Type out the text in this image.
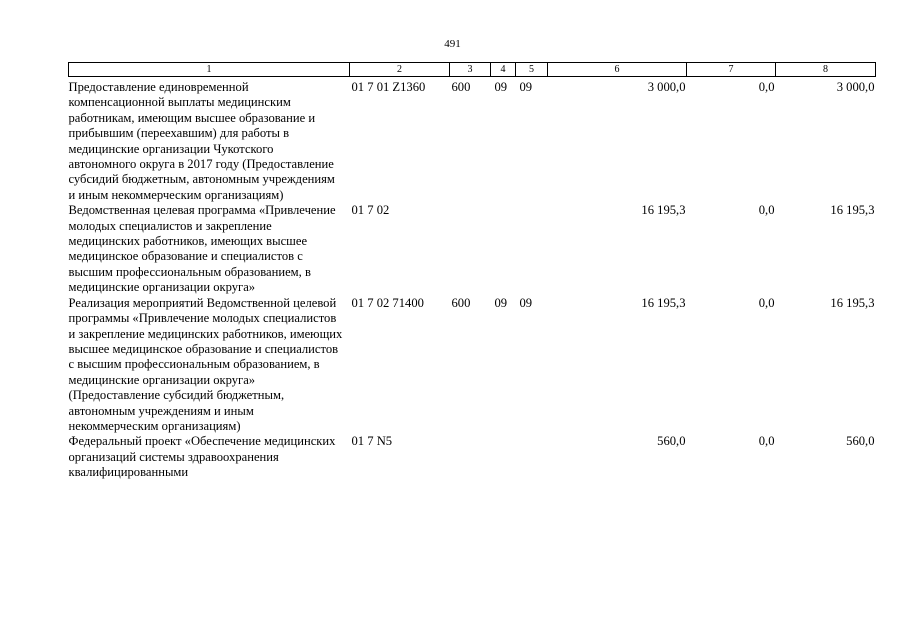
491
1	2	3	4	5	6	7	8
Предоставление единовременной компенсационной выплаты медицинским работникам, имеющим высшее образование и прибывшим (переехавшим) для работы в медицинские организации Чукотского автономного округа в 2017 году (Предоставление субсидий бюджетным, автономным учреждениям и иным некоммерческим организациям)	01 7 01 Z1360	600	09	09	3 000,0	0,0	3 000,0
Ведомственная целевая программа «Привлечение молодых специалистов и закрепление медицинских работников, имеющих высшее медицинское образование и специалистов с высшим профессиональным образованием, в медицинские организации округа»	01 7 02				16 195,3	0,0	16 195,3
Реализация мероприятий Ведомственной целевой программы «Привлечение молодых специалистов и закрепление медицинских работников, имеющих высшее медицинское образование и специалистов с высшим профессиональным образованием, в медицинские организации округа» (Предоставление субсидий бюджетным, автономным учреждениям и иным некоммерческим организациям)	01 7 02 71400	600	09	09	16 195,3	0,0	16 195,3
Федеральный проект «Обеспечение медицинских организаций системы здравоохранения квалифицированными	01 7 N5				560,0	0,0	560,0
